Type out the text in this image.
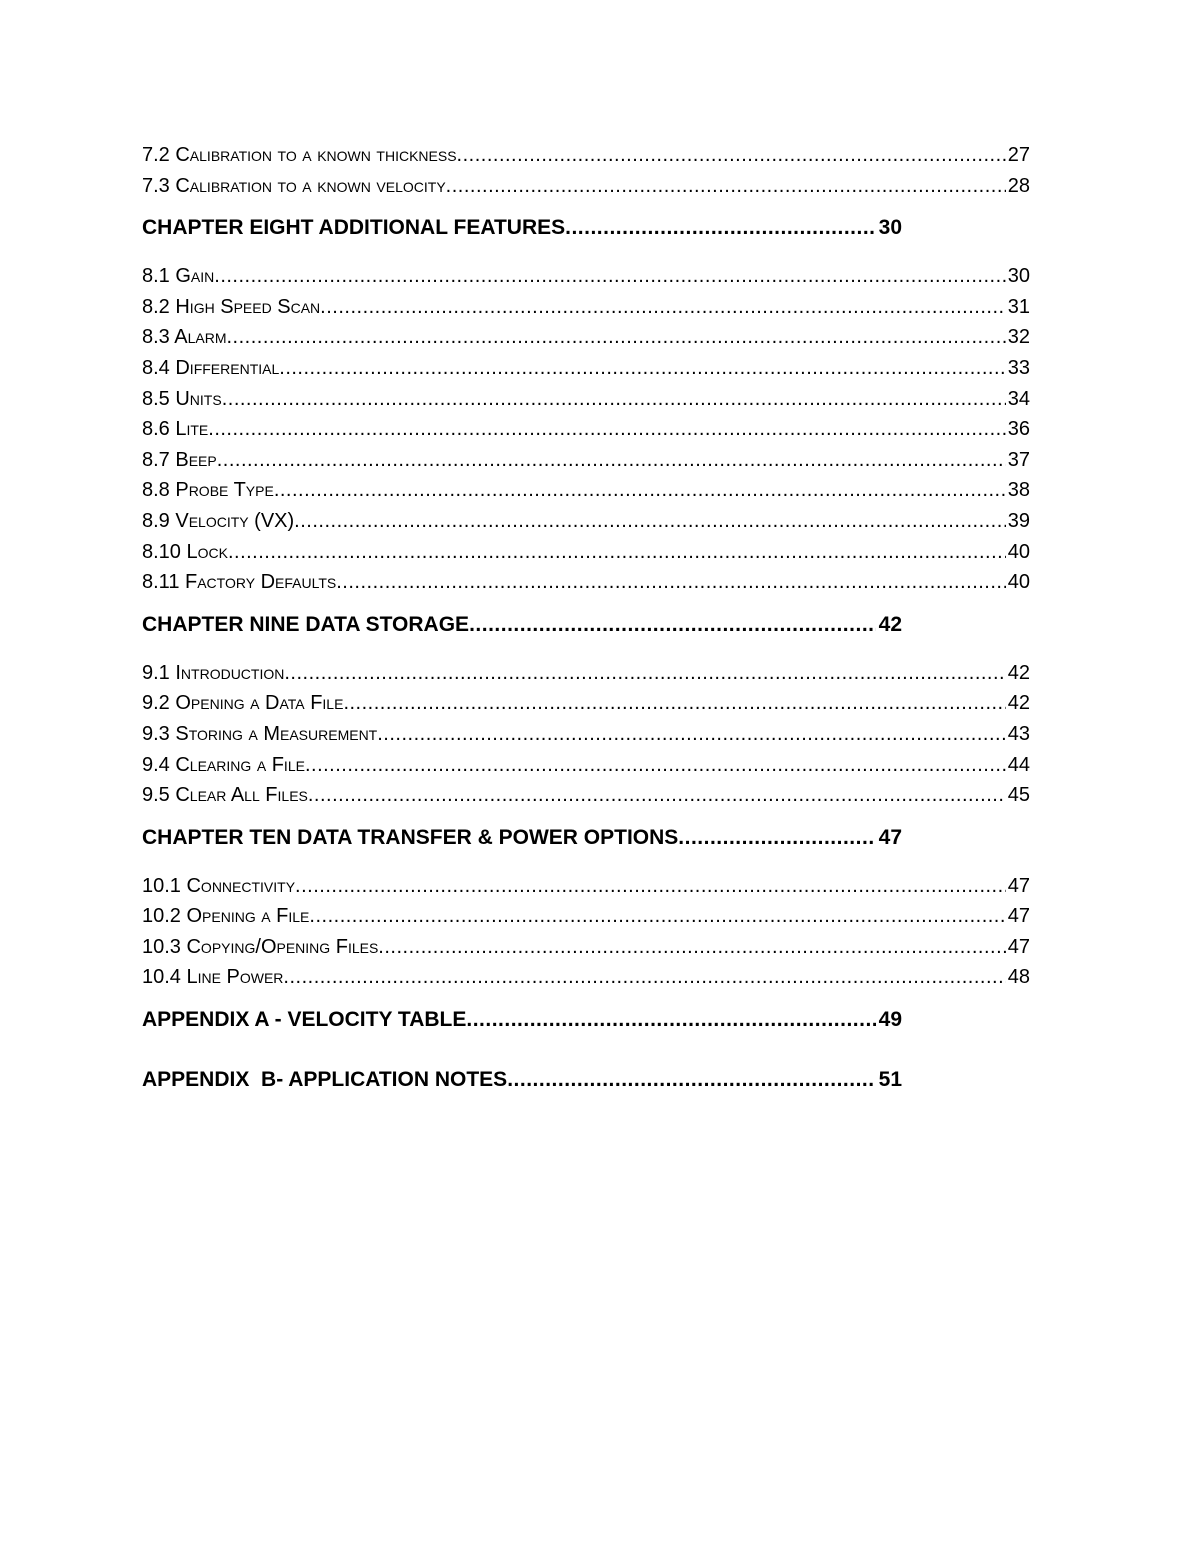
7.2 Calibration to a known thickness .....	27
7.3 Calibration to a known velocity .....	28
CHAPTER EIGHT ADDITIONAL FEATURES .....	30
8.1 Gain .....	30
8.2 High Speed Scan .....	31
8.3 Alarm .....	32
8.4 Differential .....	33
8.5 Units .....	34
8.6 Lite .....	36
8.7 Beep .....	37
8.8 Probe Type .....	38
8.9 Velocity (VX) .....	39
8.10 Lock .....	40
8.11 Factory Defaults .....	40
CHAPTER NINE DATA STORAGE .....	42
9.1 Introduction .....	42
9.2 Opening a Data File .....	42
9.3 Storing a Measurement .....	43
9.4 Clearing a File .....	44
9.5 Clear All Files .....	45
CHAPTER TEN DATA TRANSFER & POWER OPTIONS .....	47
10.1 Connectivity .....	47
10.2 Opening a File .....	47
10.3 Copying/Opening Files .....	47
10.4 Line Power .....	48
APPENDIX A - VELOCITY TABLE .....	49
APPENDIX  B- APPLICATION NOTES .....	51
